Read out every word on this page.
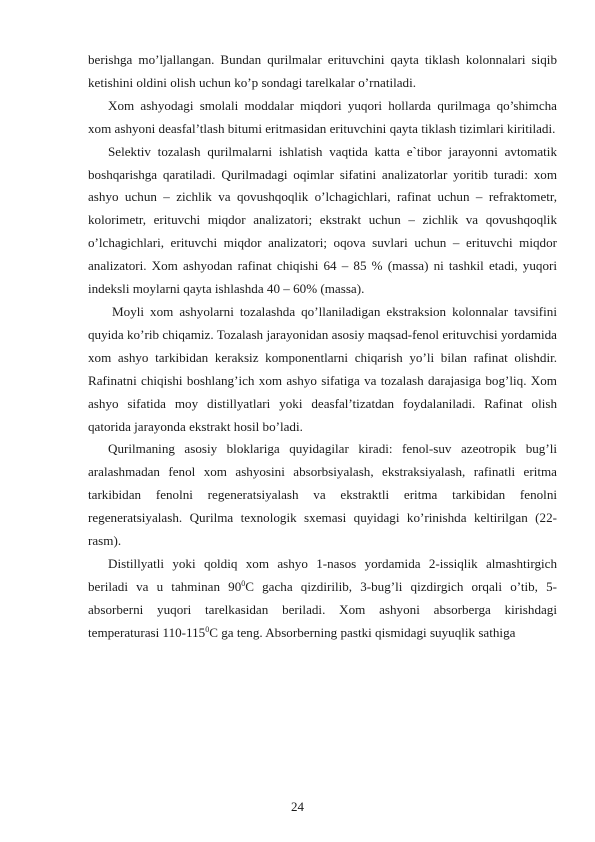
berishga mo’ljallangan. Bundan qurilmalar erituvchini qayta tiklash kolonnalari siqib ketishini oldini olish uchun ko’p sondagi tarelkalar o’rnatiladi.

Xom ashyodagi smolali moddalar miqdori yuqori hollarda qurilmaga qo’shimcha xom ashyoni deasfal’tlash bitumi eritmasidan erituvchini qayta tiklash tizimlari kiritiladi.

Selektiv tozalash qurilmalarni ishlatish vaqtida katta e`tibor jarayonni avtomatik boshqarishga qaratiladi. Qurilmadagi oqimlar sifatini analizatorlar yoritib turadi: xom ashyo uchun – zichlik va qovushqoqlik o’lchagichlari, rafinat uchun – refraktometr, kolorimetr, erituvchi miqdor analizatori; ekstrakt uchun – zichlik va qovushqoqlik o’lchagichlari, erituvchi miqdor analizatori; oqova suvlari uchun – erituvchi miqdor analizatori. Xom ashyodan rafinat chiqishi 64 – 85 % (massa) ni tashkil etadi, yuqori indeksli moylarni qayta ishlashda 40 – 60% (massa).

Moyli xom ashyolarni tozalashda qo’llaniladigan ekstraksion kolonnalar tavsifini quyida ko’rib chiqamiz. Tozalash jarayonidan asosiy maqsad-fenol erituvchisi yordamida xom ashyo tarkibidan keraksiz komponentlarni chiqarish yo’li bilan rafinat olishdir. Rafinatni chiqishi boshlang’ich xom ashyo sifatiga va tozalash darajasiga bog’liq. Xom ashyo sifatida moy distillyatlari yoki deasfal’tizatdan foydalaniladi. Rafinat olish qatorida jarayonda ekstrakt hosil bo’ladi.

Qurilmaning asosiy bloklariga quyidagilar kiradi: fenol-suv azeotropik bug’li aralashmadan fenol xom ashyosini absorbsiyalash, ekstraksiyalash, rafinatli eritma tarkibidan fenolni regeneratsiyalash va ekstraktli eritma tarkibidan fenolni regeneratsiyalash. Qurilma texnologik sxemasi quyidagi ko’rinishda keltirilgan (22-rasm).

Distillyatli yoki qoldiq xom ashyo 1-nasos yordamida 2-issiqlik almashtirgich beriladi va u tahminan $90^0C$ gacha qizdirilib, 3-bug’li qizdirgich orqali o’tib, 5-absorberni yuqori tarelkasidan beriladi. Xom ashyoni absorberga kirishdagi temperaturasi $110-115^0C$ ga teng. Absorberning pastki qismidagi suyuqlik sathiga

24
